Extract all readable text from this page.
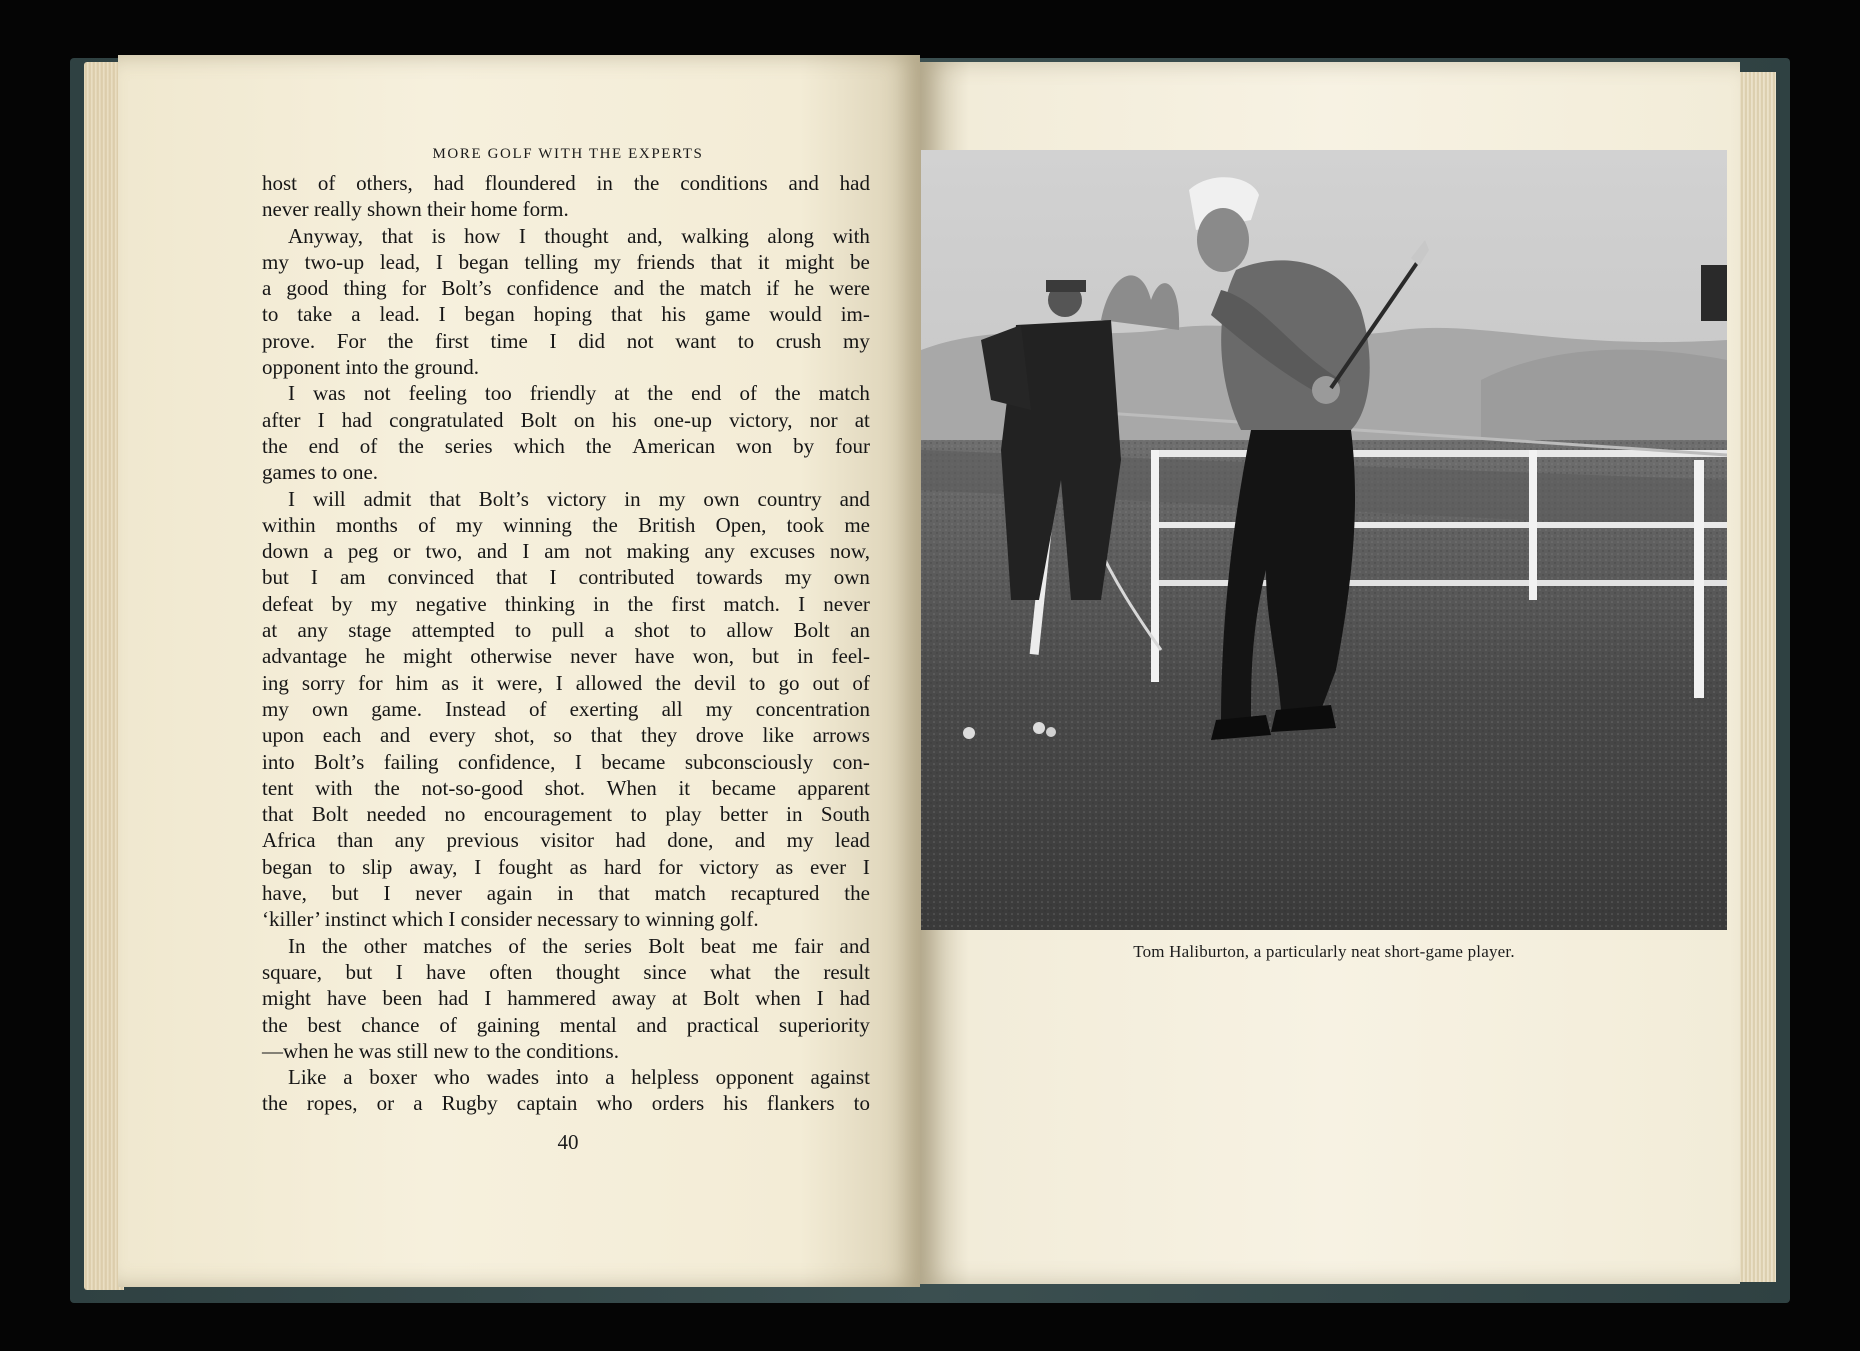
MORE GOLF WITH THE EXPERTS
host of others, had floundered in the conditions and had
never really shown their home form.
Anyway, that is how I thought and, walking along with
my two-up lead, I began telling my friends that it might be
a good thing for Bolt’s confidence and the match if he were
to take a lead. I began hoping that his game would im-
prove. For the first time I did not want to crush my
opponent into the ground.
I was not feeling too friendly at the end of the match
after I had congratulated Bolt on his one-up victory, nor at
the end of the series which the American won by four
games to one.
I will admit that Bolt’s victory in my own country and
within months of my winning the British Open, took me
down a peg or two, and I am not making any excuses now,
but I am convinced that I contributed towards my own
defeat by my negative thinking in the first match. I never
at any stage attempted to pull a shot to allow Bolt an
advantage he might otherwise never have won, but in feel-
ing sorry for him as it were, I allowed the devil to go out of
my own game. Instead of exerting all my concentration
upon each and every shot, so that they drove like arrows
into Bolt’s failing confidence, I became subconsciously con-
tent with the not-so-good shot. When it became apparent
that Bolt needed no encouragement to play better in South
Africa than any previous visitor had done, and my lead
began to slip away, I fought as hard for victory as ever I
have, but I never again in that match recaptured the
‘killer’ instinct which I consider necessary to winning golf.
In the other matches of the series Bolt beat me fair and
square, but I have often thought since what the result
might have been had I hammered away at Bolt when I had
the best chance of gaining mental and practical superiority
—when he was still new to the conditions.
Like a boxer who wades into a helpless opponent against
the ropes, or a Rugby captain who orders his flankers to
40
Tom Haliburton, a particularly neat short-game player.
